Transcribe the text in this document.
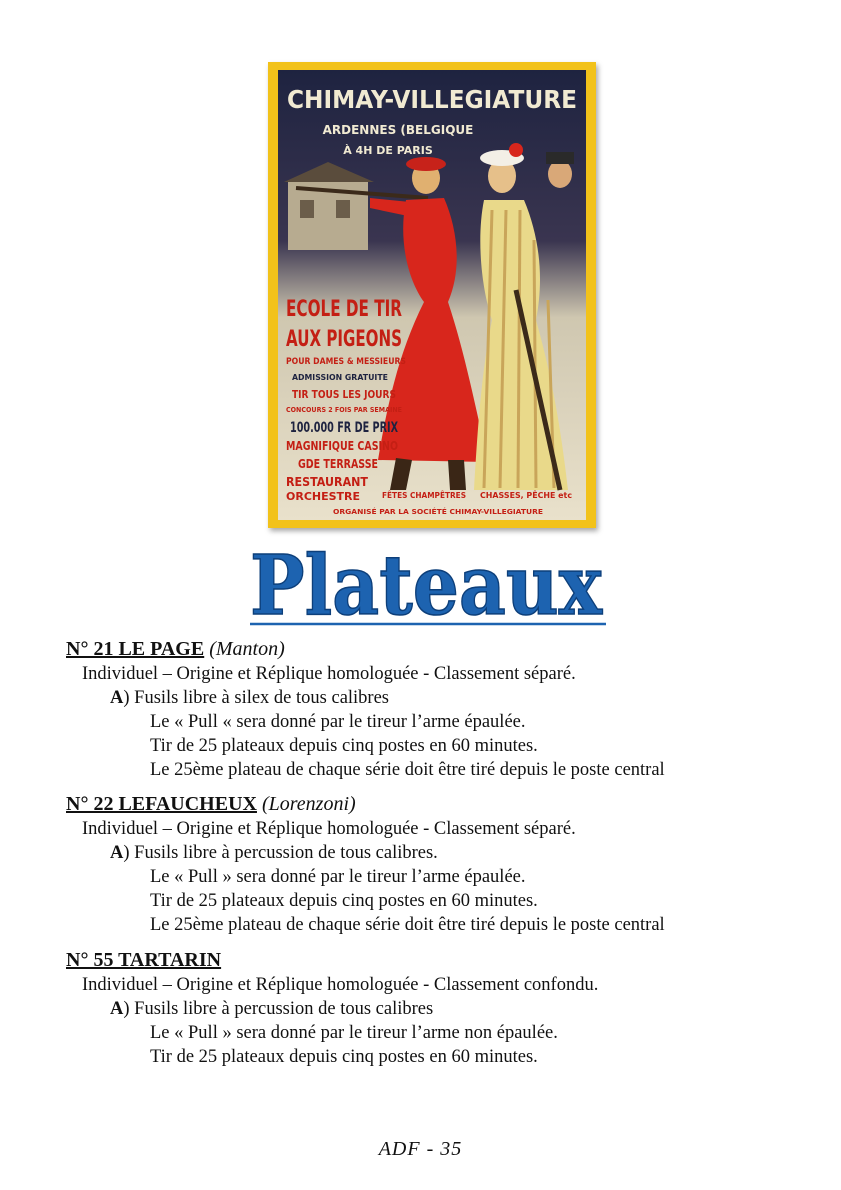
CHIMAY-VILLEGIATURE
ARDENNES (BELGIQUE
À 4H DE PARIS
ECOLE DE TIR
AUX PIGEONS
POUR DAMES & MESSIEURS
ADMISSION GRATUITE
TIR TOUS LES JOURS
CONCOURS 2 FOIS PAR SEMAINE
100.000 FR DE PRIX
MAGNIFIQUE CASINO
GDE TERRASSE
RESTAURANT
ORCHESTRE	FÊTES CHAMPÊTRES CHASSES, PÊCHE etc
ORGANISÉ PAR LA SOCIÉTÉ CHIMAY-VILLEGIATURE
Plateaux
N° 21 LE PAGE (Manton)
Individuel – Origine et Réplique homologuée - Classement séparé.
A) Fusils libre à silex de tous calibres
Le « Pull « sera donné par le tireur l’arme épaulée.
Tir de 25 plateaux depuis cinq postes en 60 minutes.
Le 25ème plateau de chaque série doit être tiré depuis le poste central
N° 22 LEFAUCHEUX (Lorenzoni)
Individuel – Origine et Réplique homologuée - Classement séparé.
A) Fusils libre à percussion de tous calibres.
Le « Pull » sera donné par le tireur l’arme épaulée.
Tir de 25 plateaux depuis cinq postes en 60 minutes.
Le 25ème plateau de chaque série doit être tiré depuis le poste central
N° 55 TARTARIN
Individuel – Origine et Réplique homologuée - Classement confondu.
A) Fusils libre à percussion de tous calibres
Le « Pull » sera donné par le tireur l’arme non épaulée.
Tir de 25 plateaux depuis cinq postes en 60 minutes.
ADF - 35
